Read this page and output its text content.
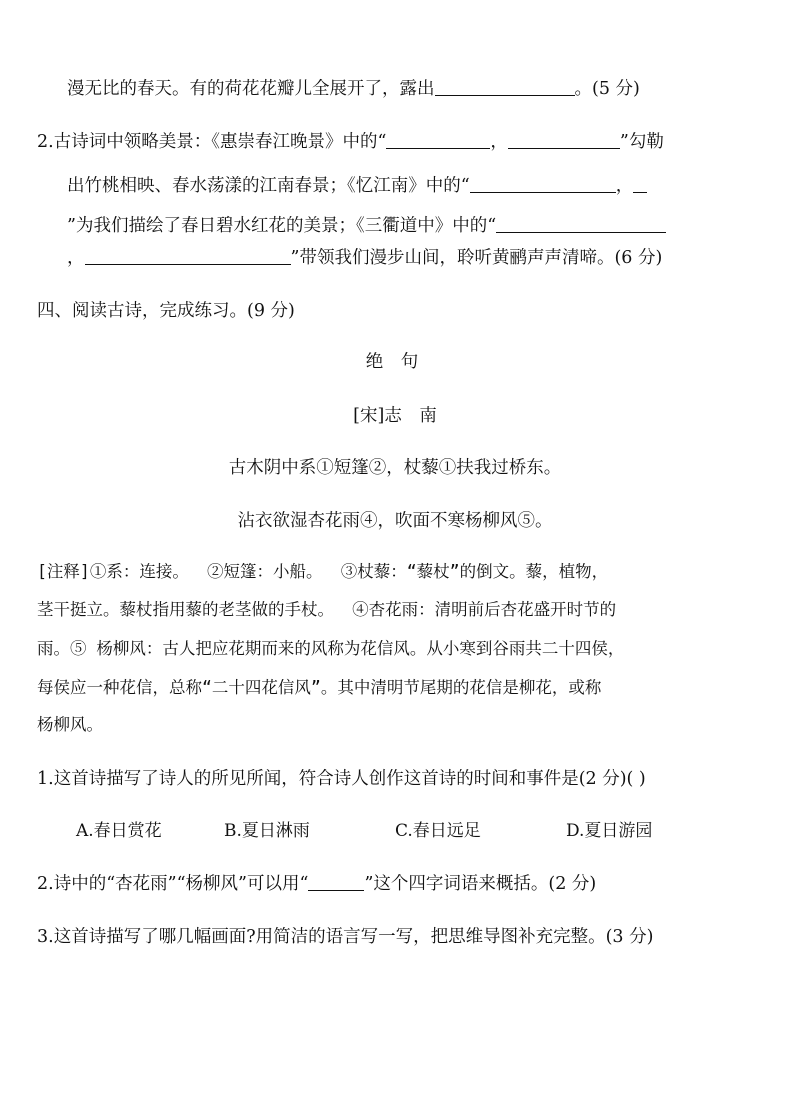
漫无比的春天。有的荷花花瓣儿全展开了，露出	。(5 分)
2.古诗词中领略美景：《惠崇春江晚景》中的“	，	”勾勒
出竹桃相映、春水荡漾的江南春景；《忆江南》中的“	，
”为我们描绘了春日碧水红花的美景；《三衢道中》中的“
，	”带领我们漫步山间，聆听黄鹂声声清啼。(6 分)
四、阅读古诗，完成练习。(9 分)
绝 句
[宋]志　南
古木阴中系①短篷②，杖藜①扶我过桥东。
沾衣欲湿杏花雨④，吹面不寒杨柳风⑤。
[注释]①系：连接。　 ②短篷：小船。　 ③杖藜：“藜杖”的倒文。藜，植物，
茎干挺立。藜杖指用藜的老茎做的手杖。　 ④杏花雨：清明前后杏花盛开时节的
雨。⑤ 杨柳风：古人把应花期而来的风称为花信风。从小寒到谷雨共二十四侯，
每侯应一种花信，总称“二十四花信风”。其中清明节尾期的花信是柳花，或称
杨柳风。
1.这首诗描写了诗人的所见所闻，符合诗人创作这首诗的时间和事件是(2 分)( )
A.春日赏花	B.夏日淋雨	C.春日远足	D.夏日游园
2.诗中的“杏花雨”“杨柳风”可以用“	”这个四字词语来概括。(2 分)
3.这首诗描写了哪几幅画面?用简洁的语言写一写，把思维导图补充完整。(3 分)
